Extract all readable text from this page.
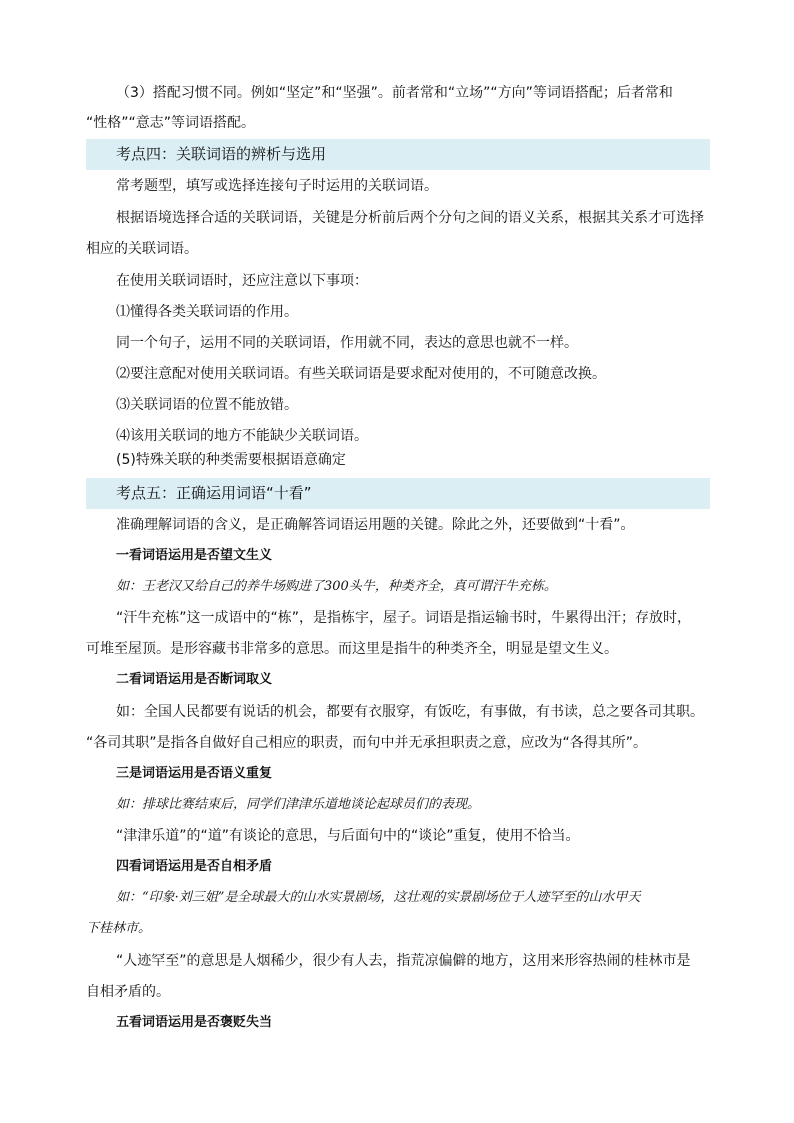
（3）搭配习惯不同。例如“坚定”和“坚强”。前者常和“立场”“方向”等词语搭配；后者常和
“性格”“意志”等词语搭配。
考点四：关联词语的辨析与选用
常考题型，填写或选择连接句子时运用的关联词语。
根据语境选择合适的关联词语，关键是分析前后两个分句之间的语义关系，根据其关系才可选择
相应的关联词语。
在使用关联词语时，还应注意以下事项：
⑴懂得各类关联词语的作用。
同一个句子，运用不同的关联词语，作用就不同，表达的意思也就不一样。
⑵要注意配对使用关联词语。有些关联词语是要求配对使用的，不可随意改换。
⑶关联词语的位置不能放错。
⑷该用关联词的地方不能缺少关联词语。
(5)特殊关联的种类需要根据语意确定
考点五：正确运用词语“十看”
准确理解词语的含义，是正确解答词语运用题的关键。除此之外，还要做到“十看”。
一看词语运用是否望文生义
如：王老汉又给自己的养牛场购进了300头牛，种类齐全，真可谓汗牛充栋。
“汗牛充栋”这一成语中的“栋”，是指栋宇，屋子。词语是指运输书时，牛累得出汗；存放时，
可堆至屋顶。是形容藏书非常多的意思。而这里是指牛的种类齐全，明显是望文生义。
二看词语运用是否断词取义
如：全国人民都要有说话的机会，都要有衣服穿，有饭吃，有事做，有书读，总之要各司其职。
“各司其职”是指各自做好自己相应的职责，而句中并无承担职责之意，应改为“各得其所”。
三是词语运用是否语义重复
如：排球比赛结束后，同学们津津乐道地谈论起球员们的表现。
“津津乐道”的“道”有谈论的意思，与后面句中的“谈论”重复，使用不恰当。
四看词语运用是否自相矛盾
如：“印象·刘三姐”是全球最大的山水实景剧场，这壮观的实景剧场位于人迹罕至的山水甲天
下桂林市。
“人迹罕至”的意思是人烟稀少，很少有人去，指荒凉偏僻的地方，这用来形容热闹的桂林市是
自相矛盾的。
五看词语运用是否褒贬失当
